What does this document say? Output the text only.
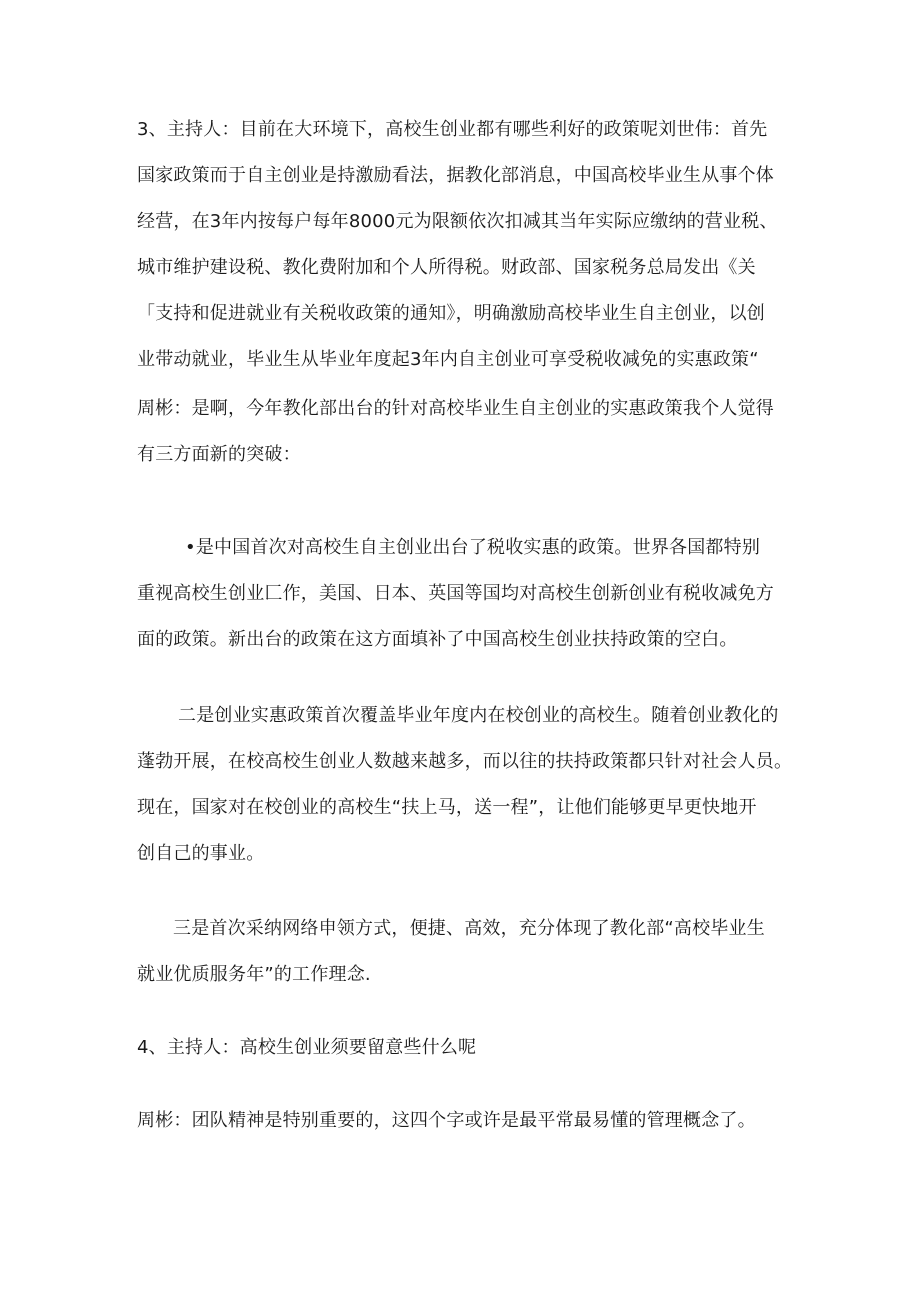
3、主持人：目前在大环境下，高校生创业都有哪些利好的政策呢刘世伟：首先
国家政策而于自主创业是持激励看法，据教化部消息，中国高校毕业生从事个体
经营，在3年内按每户每年8000元为限额依次扣减其当年实际应缴纳的营业税、
城市维护建设税、教化费附加和个人所得税。财政部、国家税务总局发出《关
「支持和促进就业有关税收政策的通知》，明确激励高校毕业生自主创业，以创
业带动就业，毕业生从毕业年度起3年内自主创业可享受税收减免的实惠政策“
周彬：是啊，今年教化部出台的针对高校毕业生自主创业的实惠政策我个人觉得
有三方面新的突破：
•是中国首次对高校生自主创业出台了税收实惠的政策。世界各国都特别
重视高校生创业匚作，美国、日本、英国等国均对高校生创新创业有税收减免方
面的政策。新出台的政策在这方面填补了中国高校生创业扶持政策的空白。
二是创业实惠政策首次覆盖毕业年度内在校创业的高校生。随着创业教化的
蓬勃开展，在校高校生创业人数越来越多，而以往的扶持政策都只针对社会人员。
现在，国家对在校创业的高校生“扶上马，送一程”，让他们能够更早更快地开
创自己的事业。
三是首次采纳网络申领方式，便捷、高效，充分体现了教化部“高校毕业生
就业优质服务年”的工作理念.
4、主持人：高校生创业须要留意些什么呢
周彬：团队精神是特别重要的，这四个字或许是最平常最易懂的管理概念了。
